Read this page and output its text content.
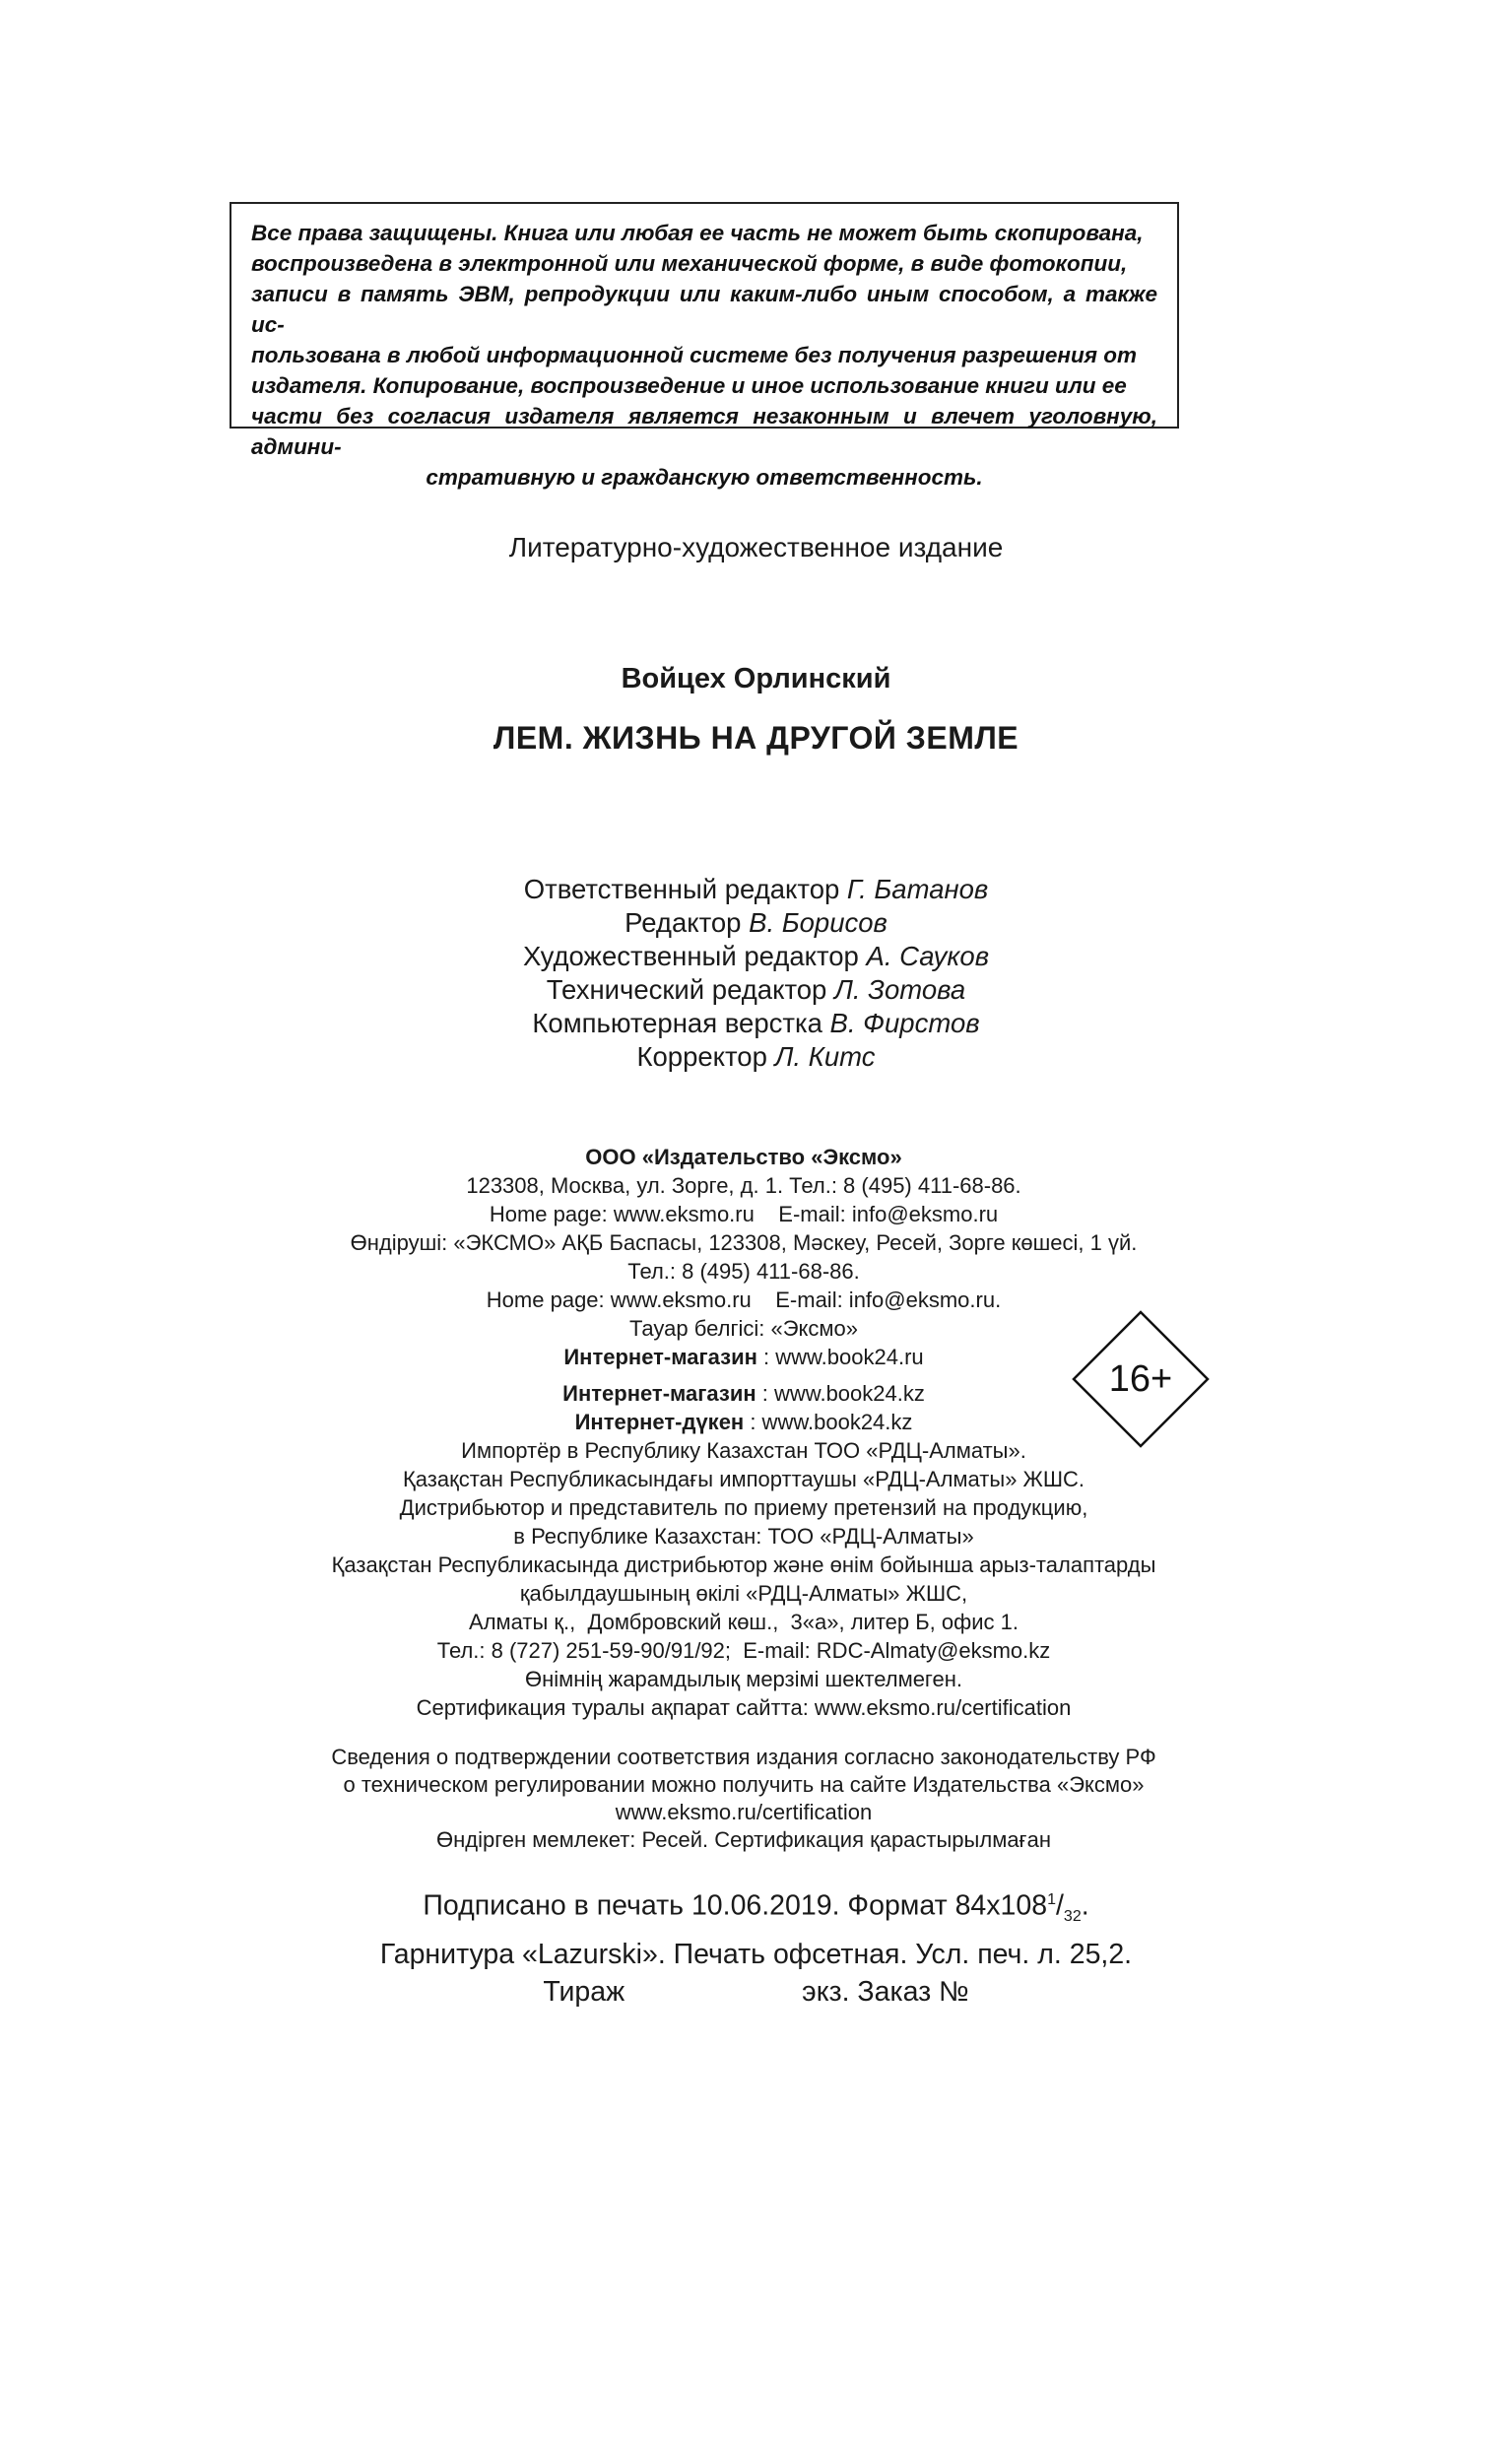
Все права защищены. Книга или любая ее часть не может быть скопирована,

воспроизведена в электронной или механической форме, в виде фотокопии,

записи в память ЭВМ, репродукции или каким-либо иным способом, а также ис-

пользована в любой информационной системе без получения разрешения от

издателя. Копирование, воспроизведение и иное использование книги или ее

части без согласия издателя является незаконным и влечет уголовную, админи-

стративную и гражданскую ответственность.

Литературно-художественное издание
Войцех Орлинский
ЛЕМ. ЖИЗНЬ НА ДРУГОЙ ЗЕМЛЕ
Ответственный редактор Г. Батанов
Редактор В. Борисов
Художественный редактор А. Сауков
Технический редактор Л. Зотова
Компьютерная верстка В. Фирстов
Корректор Л. Китс
ООО «Издательство «Эксмо»
123308, Москва, ул. Зорге, д. 1. Тел.: 8 (495) 411-68-86.
Home page: www.eksmo.ru    E-mail: info@eksmo.ru
Өндіруші: «ЭКСМО» АҚБ Баспасы, 123308, Мәскеу, Ресей, Зорге көшесі, 1 үй.
Тел.: 8 (495) 411-68-86.
Home page: www.eksmo.ru    E-mail: info@eksmo.ru.
Тауар белгісі: «Эксмо»
Интернет-магазин : www.book24.ru
Интернет-магазин : www.book24.kz
Интернет-дүкен : www.book24.kz
Импортёр в Республику Казахстан ТОО «РДЦ-Алматы».
Қазақстан Республикасындағы импорттаушы «РДЦ-Алматы» ЖШС.
Дистрибьютор и представитель по приему претензий на продукцию,
в Республике Казахстан: ТОО «РДЦ-Алматы»
Қазақстан Республикасында дистрибьютор және өнім бойынша арыз-талаптарды
қабылдаушының өкілі «РДЦ-Алматы» ЖШС,
Алматы қ.,  Домбровский көш.,  3«а», литер Б, офис 1.
Тел.: 8 (727) 251-59-90/91/92;  E-mail: RDC-Almaty@eksmo.kz
Өнімнің жарамдылық мерзімі шектелмеген.
Сертификация туралы ақпарат сайтта: www.eksmo.ru/certification
16+
Сведения о подтверждении соответствия издания согласно законодательству РФ
о техническом регулировании можно получить на сайте Издательства «Эксмо»
www.eksmo.ru/certification
Өндірген мемлекет: Ресей. Сертификация қарастырылмаған
Подписано в печать 10.06.2019. Формат $84х108^1/_{32}$.
Гарнитура «Lazurski». Печать офсетная. Усл. печ. л. 25,2.
Тираж	экз. Заказ №
